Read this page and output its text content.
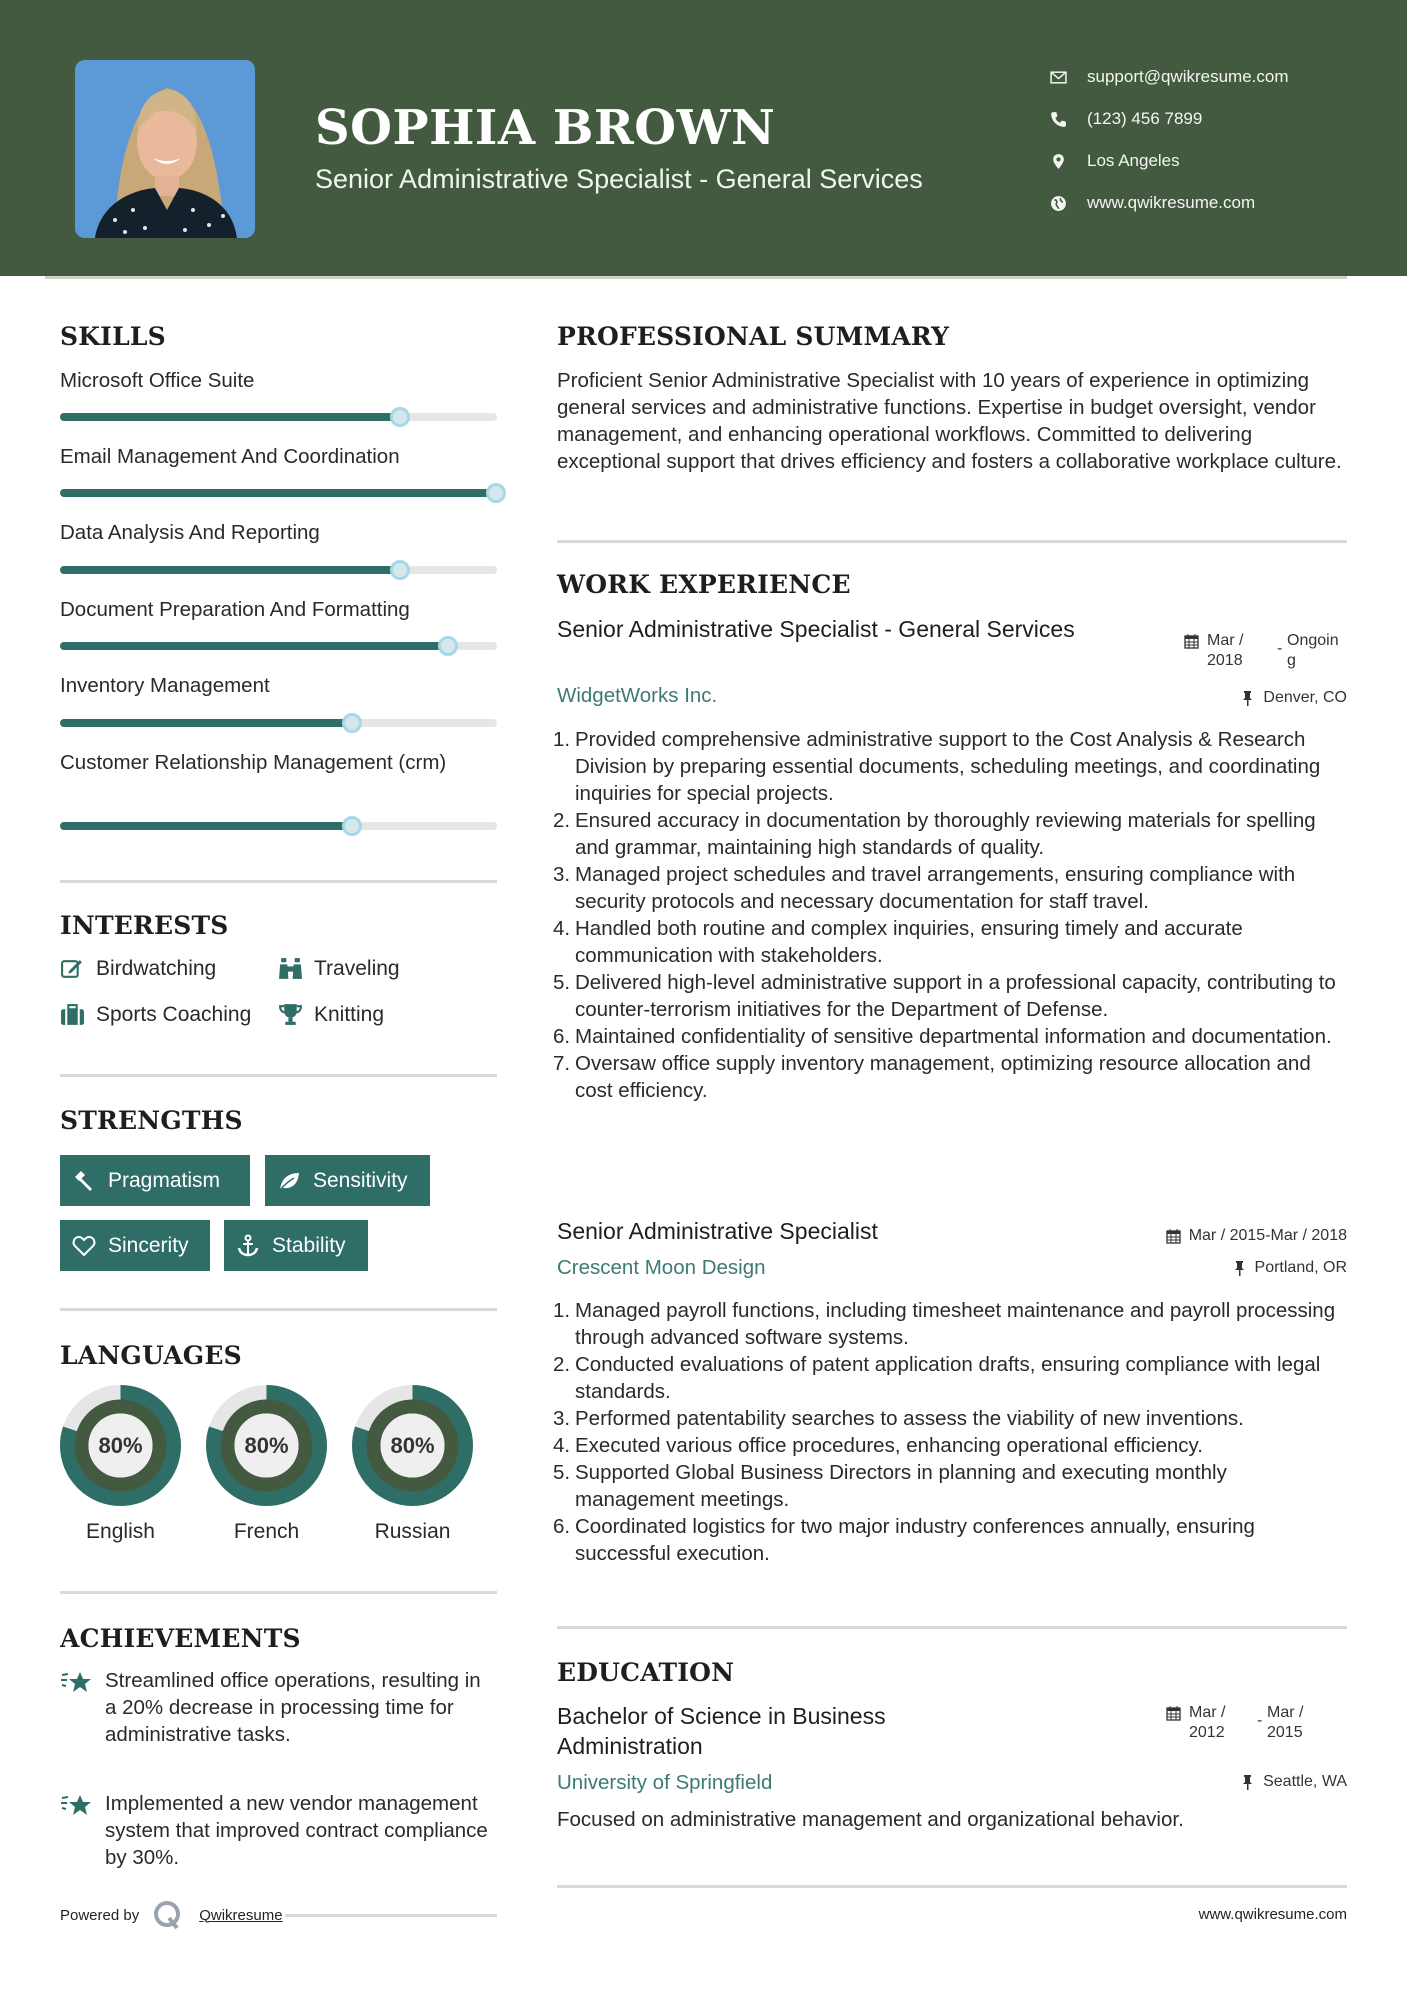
SOPHIA BROWN
Senior Administrative Specialist - General Services
support@qwikresume.com
(123) 456 7899
Los Angeles
www.qwikresume.com
SKILLS
Microsoft Office Suite
Email Management And Coordination
Data Analysis And Reporting
Document Preparation And Formatting
Inventory Management
Customer Relationship Management (crm)
INTERESTS
Birdwatching	Traveling
Sports Coaching	Knitting
STRENGTHS
Pragmatism	Sensitivity
Sincerity	Stability
LANGUAGES
80%
English
80%
French
80%
Russian
ACHIEVEMENTS
Streamlined office operations, resulting in a 20% decrease in processing time for administrative tasks.
Implemented a new vendor management system that improved contract compliance by 30%.
Powered by	Qwikresume
PROFESSIONAL SUMMARY
Proficient Senior Administrative Specialist with 10 years of experience in optimizing general services and administrative functions. Expertise in budget oversight, vendor management, and enhancing operational workflows. Committed to delivering exceptional support that drives efficiency and fosters a collaborative workplace culture.
WORK EXPERIENCE
Senior Administrative Specialist - General Services	Mar /
2018
- Ongoin
g
WidgetWorks Inc.	Denver, CO
1. Provided comprehensive administrative support to the Cost Analysis & Research Division by preparing essential documents, scheduling meetings, and coordinating inquiries for special projects.
2. Ensured accuracy in documentation by thoroughly reviewing materials for spelling and grammar, maintaining high standards of quality.
3. Managed project schedules and travel arrangements, ensuring compliance with security protocols and necessary documentation for staff travel.
4. Handled both routine and complex inquiries, ensuring timely and accurate communication with stakeholders.
5. Delivered high-level administrative support in a professional capacity, contributing to counter-terrorism initiatives for the Department of Defense.
6. Maintained confidentiality of sensitive departmental information and documentation.
7. Oversaw office supply inventory management, optimizing resource allocation and cost efficiency.
Senior Administrative Specialist	Mar / 2015-Mar / 2018
Crescent Moon Design	Portland, OR
1. Managed payroll functions, including timesheet maintenance and payroll processing through advanced software systems.
2. Conducted evaluations of patent application drafts, ensuring compliance with legal standards.
3. Performed patentability searches to assess the viability of new inventions.
4. Executed various office procedures, enhancing operational efficiency.
5. Supported Global Business Directors in planning and executing monthly management meetings.
6. Coordinated logistics for two major industry conferences annually, ensuring successful execution.
EDUCATION
Bachelor of Science in Business Administration
Mar /
2012
- Mar /
2015
University of Springfield	Seattle, WA
Focused on administrative management and organizational behavior.
www.qwikresume.com
